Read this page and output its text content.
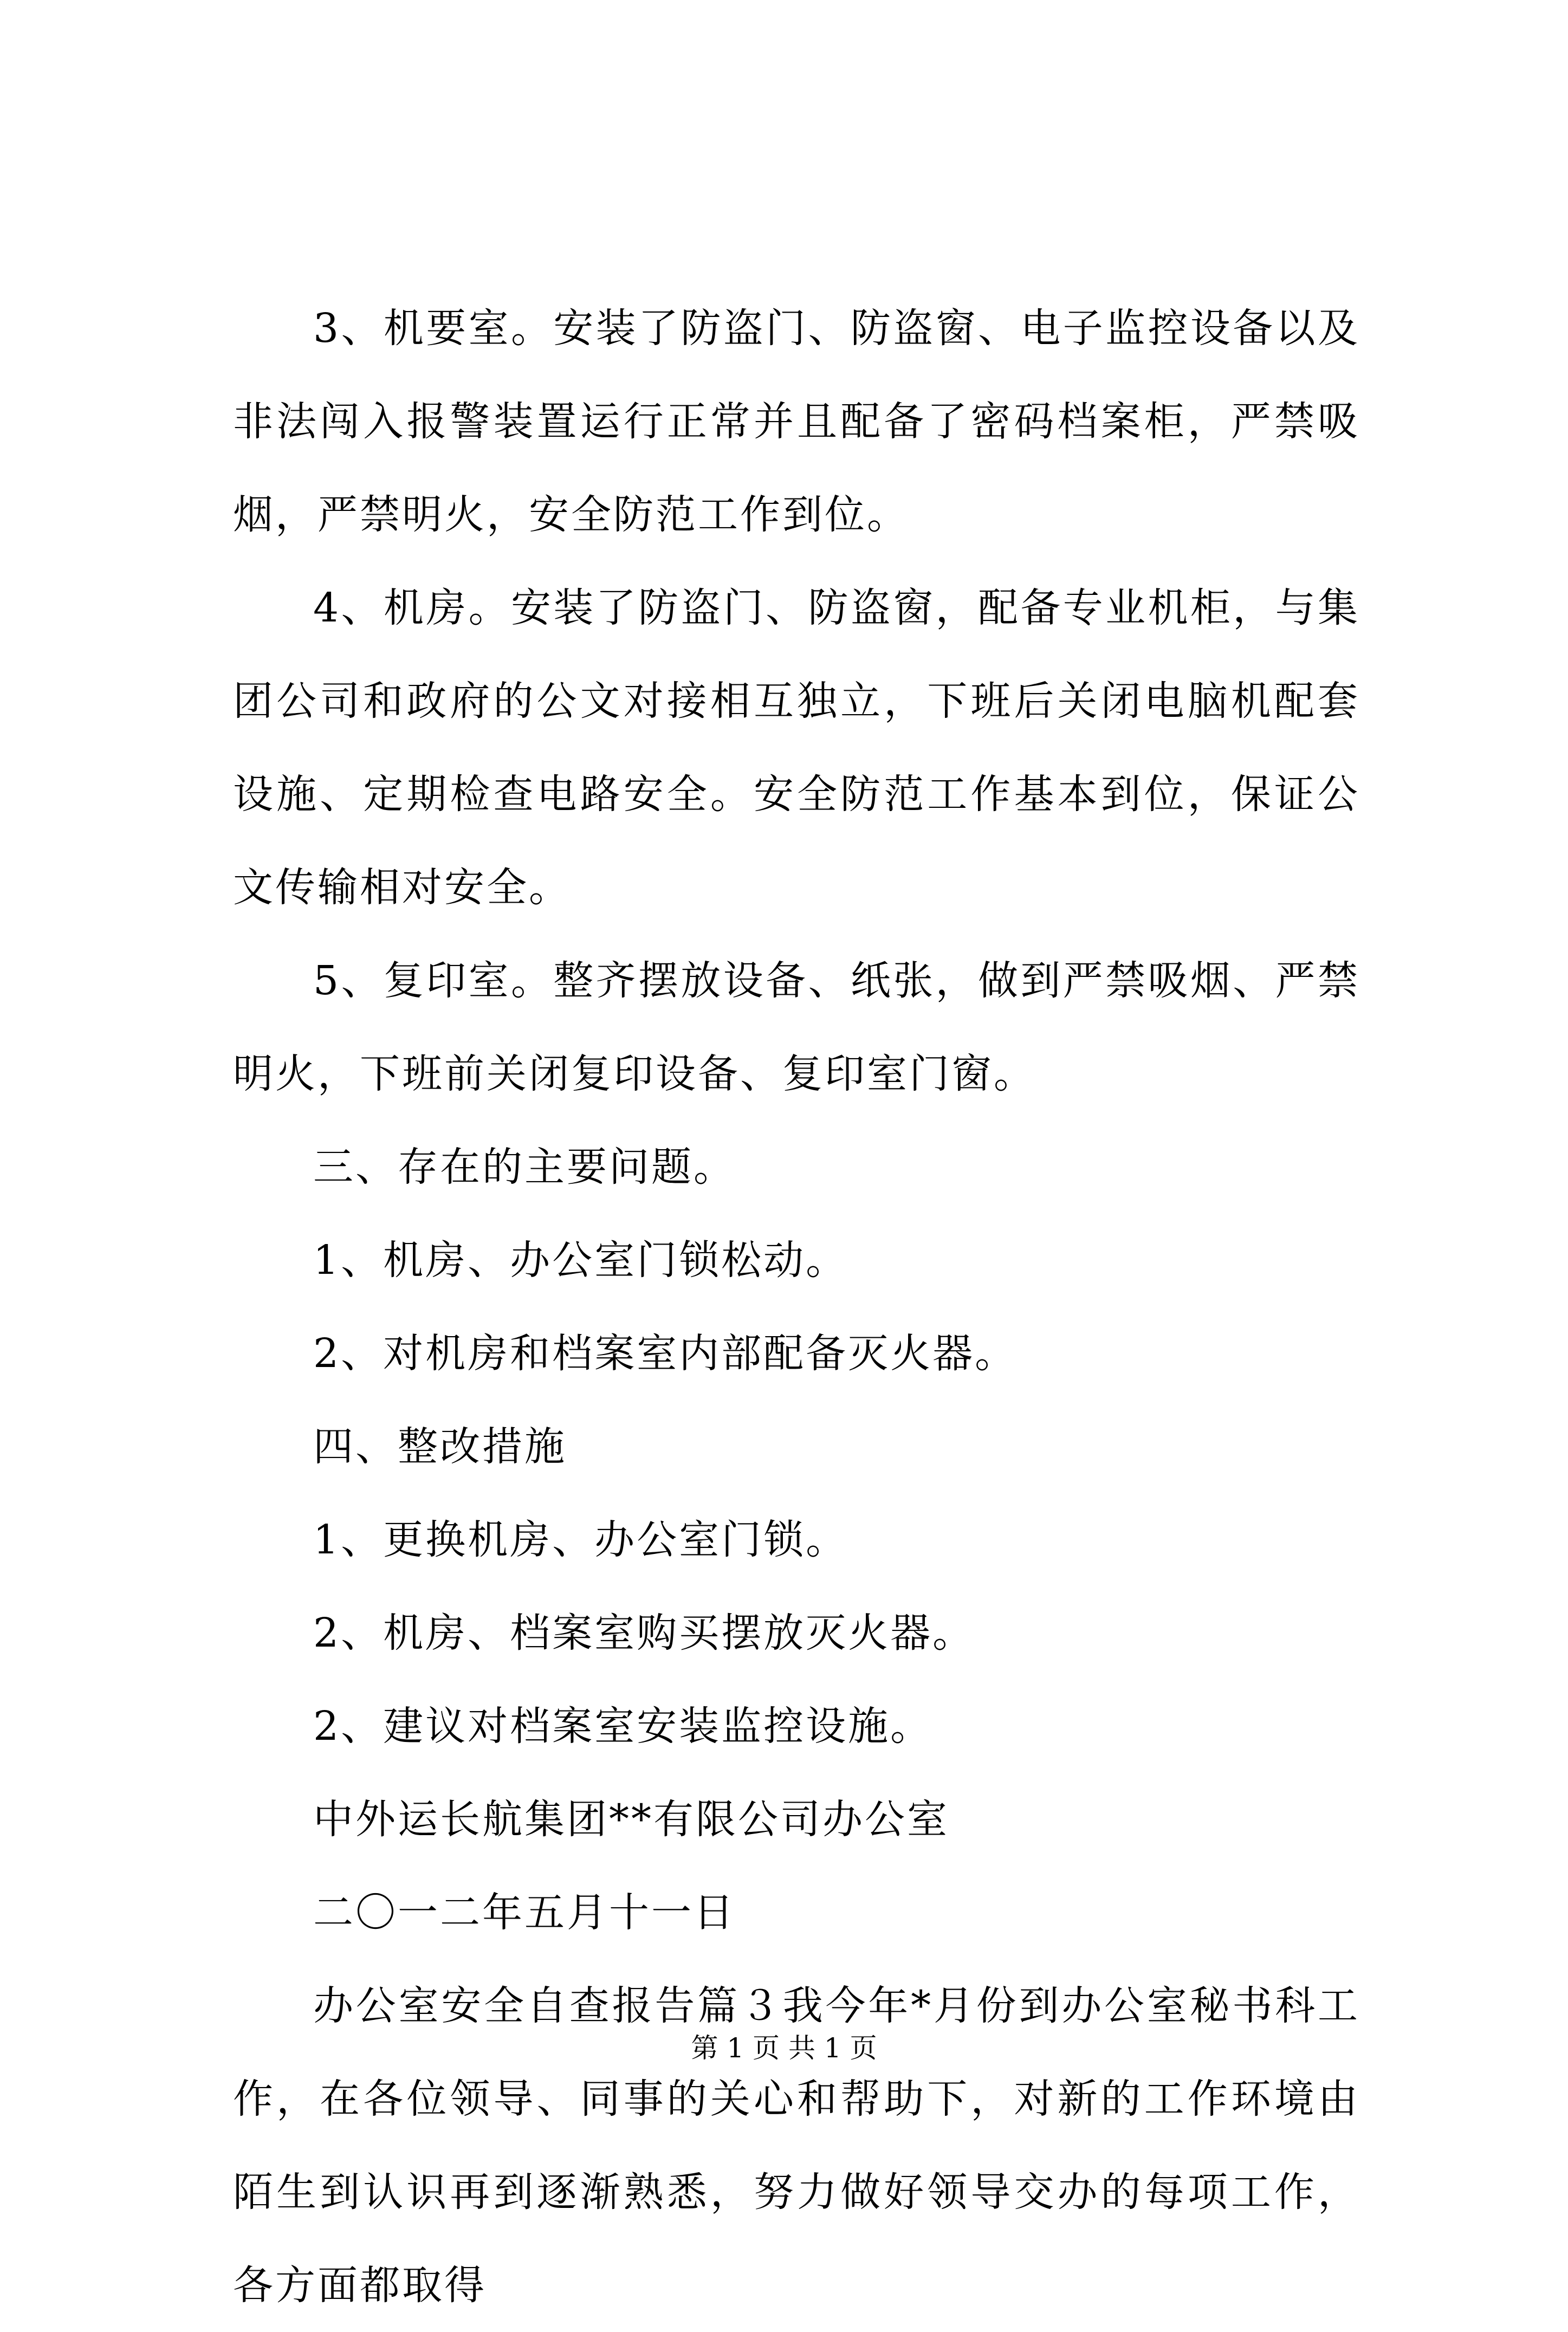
3、机要室。安装了防盗门、防盗窗、电子监控设备以及非法闯入报警装置运行正常并且配备了密码档案柜，严禁吸烟，严禁明火，安全防范工作到位。

4、机房。安装了防盗门、防盗窗，配备专业机柜，与集团公司和政府的公文对接相互独立，下班后关闭电脑机配套设施、定期检查电路安全。安全防范工作基本到位，保证公文传输相对安全。

5、复印室。整齐摆放设备、纸张，做到严禁吸烟、严禁明火，下班前关闭复印设备、复印室门窗。

三、存在的主要问题。

1、机房、办公室门锁松动。

2、对机房和档案室内部配备灭火器。

四、整改措施

1、更换机房、办公室门锁。

2、机房、档案室购买摆放灭火器。

2、建议对档案室安装监控设施。

中外运长航集团**有限公司办公室

二〇一二年五月十一日

办公室安全自查报告篇３我今年*月份到办公室秘书科工作，在各位领导、同事的关心和帮助下，对新的工作环境由陌生到认识再到逐渐熟悉，努力做好领导交办的每项工作，各方面都取得

第 1 页 共 1 页
